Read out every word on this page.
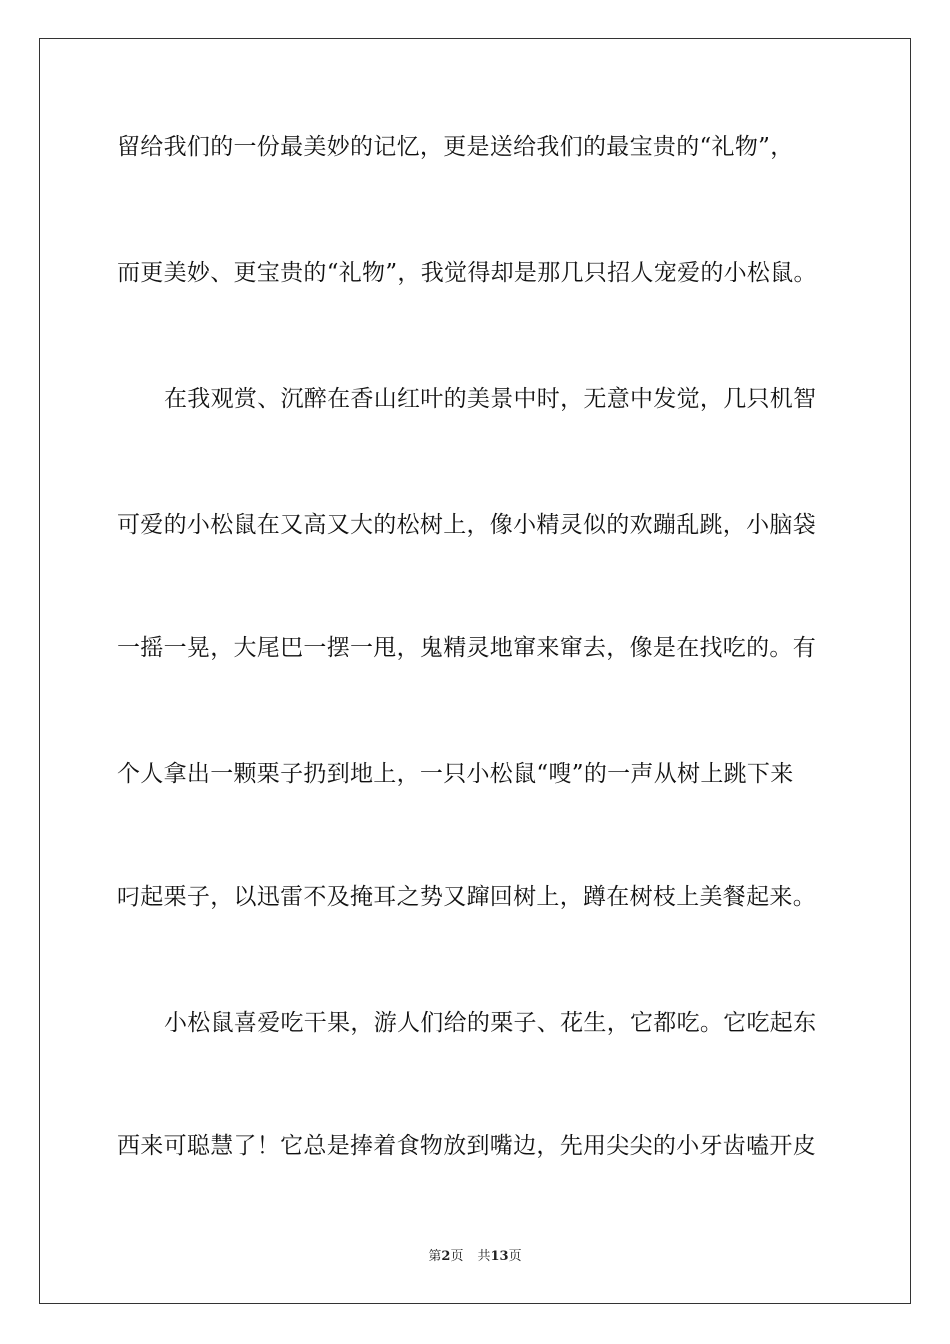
留给我们的一份最美妙的记忆，更是送给我们的最宝贵的“礼物”，
而更美妙、更宝贵的“礼物”，我觉得却是那几只招人宠爱的小松鼠。
在我观赏、沉醉在香山红叶的美景中时，无意中发觉，几只机智
可爱的小松鼠在又高又大的松树上，像小精灵似的欢蹦乱跳，小脑袋
一摇一晃，大尾巴一摆一甩，鬼精灵地窜来窜去，像是在找吃的。有
个人拿出一颗栗子扔到地上，一只小松鼠“嗖”的一声从树上跳下来
叼起栗子，以迅雷不及掩耳之势又蹿回树上，蹲在树枝上美餐起来。
小松鼠喜爱吃干果，游人们给的栗子、花生，它都吃。它吃起东
西来可聪慧了！它总是捧着食物放到嘴边，先用尖尖的小牙齿嗑开皮
第2页 共13页
